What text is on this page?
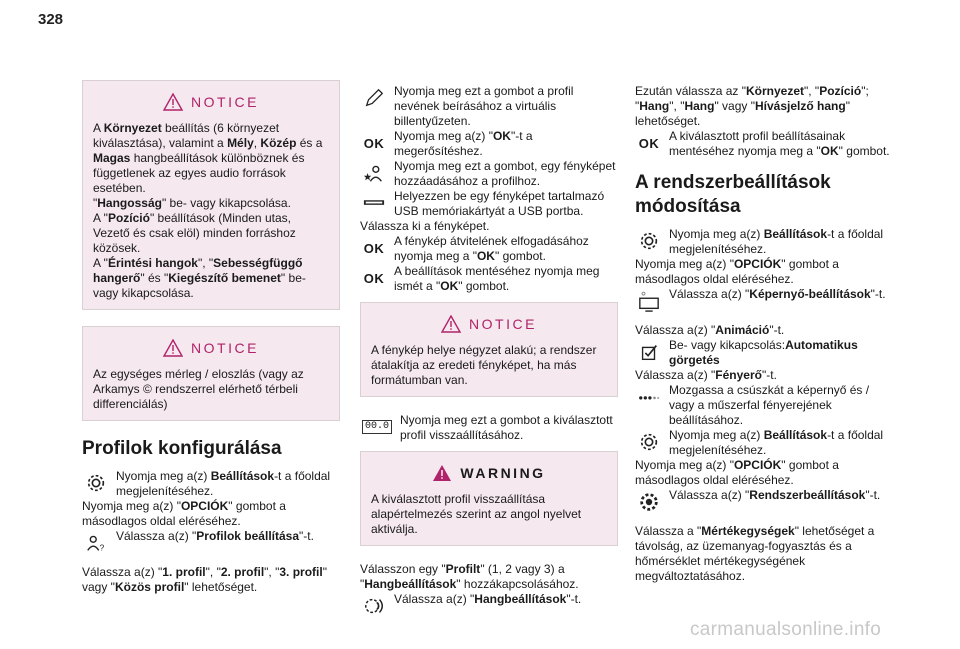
328
NOTICE

A Környezet beállítás (6 környezet kiválasztása), valamint a Mély, Közép és a Magas hangbeállítások különböznek és függetlenek az egyes audio források esetében.

"Hangosság" be- vagy kikapcsolása.

A "Pozíció" beállítások (Minden utas, Vezető és csak elöl) minden forráshoz közösek.

A "Érintési hangok", "Sebességfüggő hangerő" és "Kiegészítő bemenet" be- vagy kikapcsolása.

NOTICE

Az egységes mérleg / eloszlás (vagy az Arkamys © rendszerrel elérhető térbeli differenciálás)

Profilok konfigurálása
Nyomja meg a(z) Beállítások-t a főoldal megjelenítéséhez.

Nyomja meg a(z) "OPCIÓK" gombot a másodlagos oldal eléréséhez.

?
Válassza a(z) "Profilok beállítása"-t.

Válassza a(z) "1. profil", "2. profil", "3. profil" vagy "Közös profil" lehetőséget.

Nyomja meg ezt a gombot a profil nevének beírásához a virtuális billentyűzeten.
OK Nyomja meg a(z) "OK"-t a megerősítéshez.
Nyomja meg ezt a gombot, egy fényképet hozzáadásához a profilhoz.
Helyezzen be egy fényképet tartalmazó USB memóriakártyát a USB portba.

Válassza ki a fényképet.

OK A fénykép átvitelének elfogadásához nyomja meg a "OK" gombot.
OK A beállítások mentéséhez nyomja meg ismét a "OK" gombot.
NOTICE

A fénykép helye négyzet alakú; a rendszer átalakítja az eredeti fényképet, ha más formátumban van.

00.0 Nyomja meg ezt a gombot a kiválasztott profil visszaállításához.
WARNING

A kiválasztott profil visszaállítása alapértelmezés szerint az angol nyelvet aktiválja.

Válasszon egy "Profilt" (1, 2 vagy 3) a "Hangbeállítások" hozzákapcsolásához.

Válassza a(z) "Hangbeállítások"-t.

Ezután válassza az "Környezet", "Pozíció"; "Hang", "Hang" vagy "Hívásjelző hang" lehetőséget.

OK A kiválasztott profil beállításainak mentéséhez nyomja meg a "OK" gombot.
A rendszerbeállítások módosítása
Nyomja meg a(z) Beállítások-t a főoldal megjelenítéséhez.

Nyomja meg a(z) "OPCIÓK" gombot a másodlagos oldal eléréséhez.

Válassza a(z) "Képernyő-beállítások"-t.

Válassza a(z) "Animáció"-t.

Be- vagy kikapcsolás:Automatikus görgetés

Válassza a(z) "Fényerő"-t.

Mozgassa a csúszkát a képernyő és / vagy a műszerfal fényerejének beállításához.
Nyomja meg a(z) Beállítások-t a főoldal megjelenítéséhez.

Nyomja meg a(z) "OPCIÓK" gombot a másodlagos oldal eléréséhez.

Válassza a(z) "Rendszerbeállítások"-t.

Válassza a "Mértékegységek" lehetőséget a távolság, az üzemanyag-fogyasztás és a hőmérséklet mértékegységének megváltoztatásához.

carmanualsonline.info
